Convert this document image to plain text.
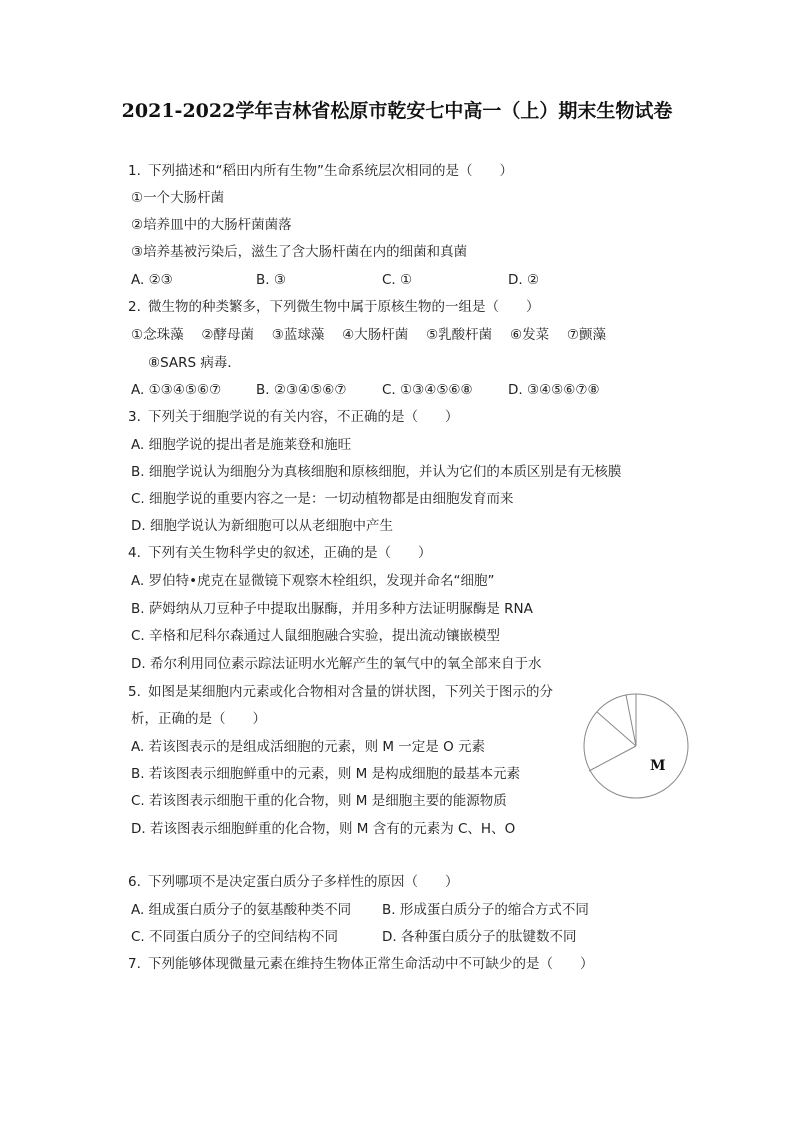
2021-2022学年吉林省松原市乾安七中高一（上）期末生物试卷
1. 下列描述和“稻田内所有生物”生命系统层次相同的是（　　）
①一个大肠杆菌
②培养皿中的大肠杆菌菌落
③培养基被污染后，滋生了含大肠杆菌在内的细菌和真菌
A. ②③	B. ③	C. ①	D. ②
2. 微生物的种类繁多，下列微生物中属于原核生物的一组是（　　）
①念珠藻　 ②酵母菌　 ③蓝球藻　 ④大肠杆菌　 ⑤乳酸杆菌　 ⑥发菜　 ⑦颤藻
⑧SARS 病毒．
A. ①③④⑤⑥⑦	B. ②③④⑤⑥⑦	C. ①③④⑤⑥⑧	D. ③④⑤⑥⑦⑧
3. 下列关于细胞学说的有关内容，不正确的是（　　）
A. 细胞学说的提出者是施莱登和施旺
B. 细胞学说认为细胞分为真核细胞和原核细胞，并认为它们的本质区别是有无核膜
C. 细胞学说的重要内容之一是：一切动植物都是由细胞发育而来
D. 细胞学说认为新细胞可以从老细胞中产生
4. 下列有关生物科学史的叙述，正确的是（　　）
A. 罗伯特•虎克在显微镜下观察木栓组织，发现并命名“细胞”
B. 萨姆纳从刀豆种子中提取出脲酶，并用多种方法证明脲酶是 RNA
C. 辛格和尼科尔森通过人鼠细胞融合实验，提出流动镶嵌模型
D. 希尔利用同位素示踪法证明水光解产生的氧气中的氧全部来自于水
5. 如图是某细胞内元素或化合物相对含量的饼状图，下列关于图示的分
析，正确的是（　　）
A. 若该图表示的是组成活细胞的元素，则 M 一定是 O 元素
B. 若该图表示细胞鲜重中的元素，则 M 是构成细胞的最基本元素
C. 若该图表示细胞干重的化合物，则 M 是细胞主要的能源物质
D. 若该图表示细胞鲜重的化合物，则 M 含有的元素为 C、H、O
M
6. 下列哪项不是决定蛋白质分子多样性的原因（　　）
A. 组成蛋白质分子的氨基酸种类不同 B. 形成蛋白质分子的缩合方式不同
C. 不同蛋白质分子的空间结构不同	D. 各种蛋白质分子的肽键数不同
7. 下列能够体现微量元素在维持生物体正常生命活动中不可缺少的是（　　）
